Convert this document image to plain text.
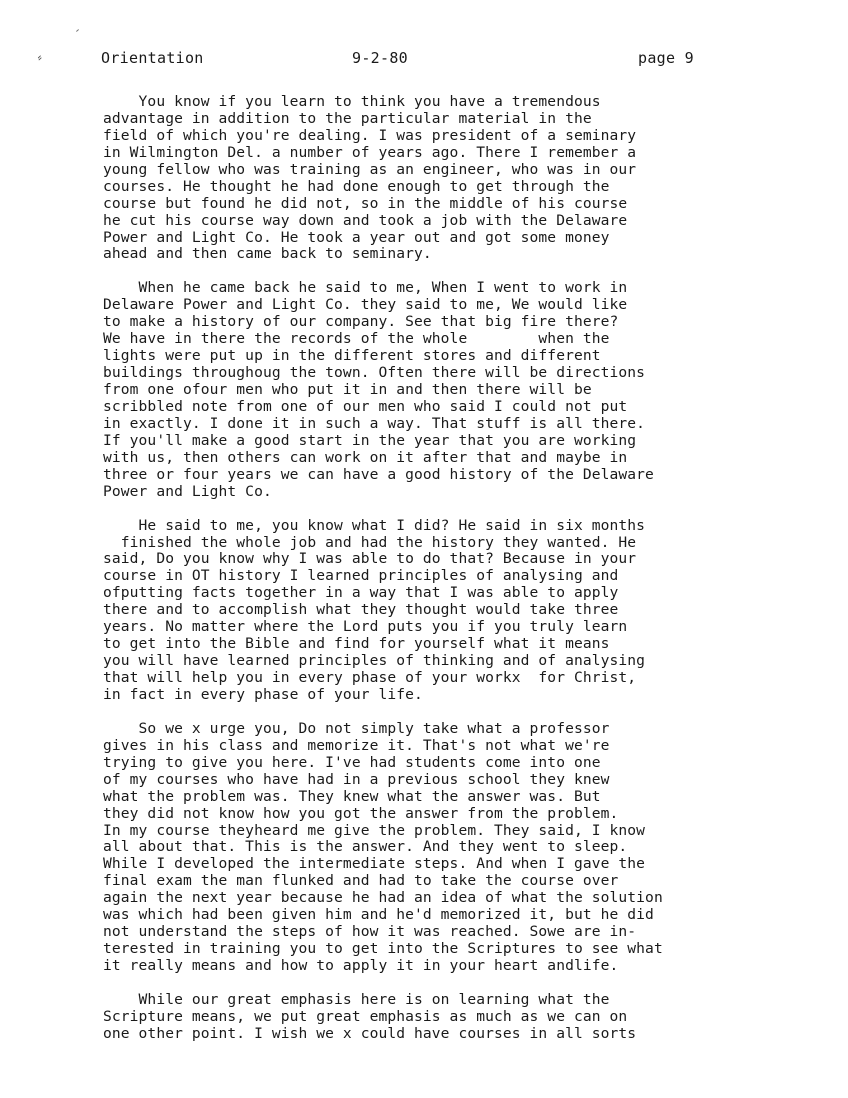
⸗	Orientation	9-2-80	page 9
You know if you learn to think you have a tremendous
advantage in addition to the particular material in the
field of which you're dealing. I was president of a seminary
in Wilmington Del. a number of years ago. There I remember a
young fellow who was training as an engineer, who was in our
courses. He thought he had done enough to get through the
course but found he did not, so in the middle of his course
he cut his course way down and took a job with the Delaware
Power and Light Co. He took a year out and got some money
ahead and then came back to seminary.
When he came back he said to me, When I went to work in
Delaware Power and Light Co. they said to me, We would like
to make a history of our company. See that big fire there?
We have in there the records of the whole        when the
lights were put up in the different stores and different
buildings throughoug the town. Often there will be directions
from one ofour men who put it in and then there will be
scribbled note from one of our men who said I could not put
in exactly. I done it in such a way. That stuff is all there.
If you'll make a good start in the year that you are working
with us, then others can work on it after that and maybe in
three or four years we can have a good history of the Delaware
Power and Light Co.
He said to me, you know what I did? He said in six months
finished the whole job and had the history they wanted. He
said, Do you know why I was able to do that? Because in your
course in OT history I learned principles of analysing and
ofputting facts together in a way that I was able to apply
there and to accomplish what they thought would take three
years. No matter where the Lord puts you if you truly learn
to get into the Bible and find for yourself what it means
you will have learned principles of thinking and of analysing
that will help you in every phase of your workx  for Christ,
in fact in every phase of your life.
So we x urge you, Do not simply take what a professor
gives in his class and memorize it. That's not what we're
trying to give you here. I've had students come into one
of my courses who have had in a previous school they knew
what the problem was. They knew what the answer was. But
they did not know how you got the answer from the problem.
In my course theyheard me give the problem. They said, I know
all about that. This is the answer. And they went to sleep.
While I developed the intermediate steps. And when I gave the
final exam the man flunked and had to take the course over
again the next year because he had an idea of what the solution
was which had been given him and he'd memorized it, but he did
not understand the steps of how it was reached. Sowe are in-
terested in training you to get into the Scriptures to see what
it really means and how to apply it in your heart andlife.
While our great emphasis here is on learning what the
Scripture means, we put great emphasis as much as we can on
one other point. I wish we x could have courses in all sorts
